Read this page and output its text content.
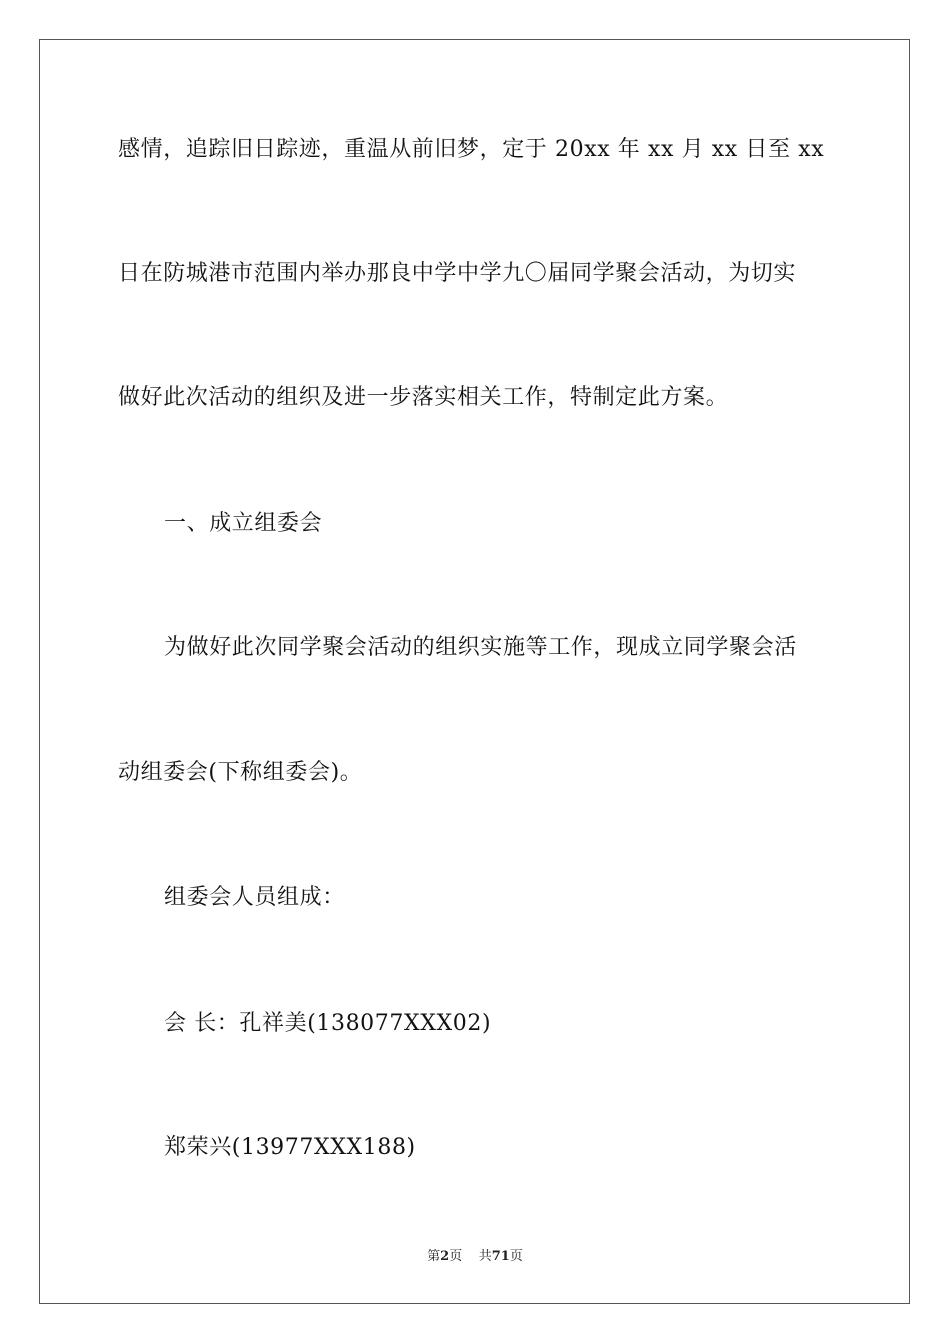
感情，追踪旧日踪迹，重温从前旧梦，定于 20xx 年 xx 月 xx 日至 xx
日在防城港市范围内举办那良中学中学九〇届同学聚会活动，为切实
做好此次活动的组织及进一步落实相关工作，特制定此方案。
一、成立组委会
为做好此次同学聚会活动的组织实施等工作，现成立同学聚会活
动组委会(下称组委会)。
组委会人员组成：
会 长：孔祥美(138077XXX02)
郑荣兴(13977XXX188)
第2页 共71页
